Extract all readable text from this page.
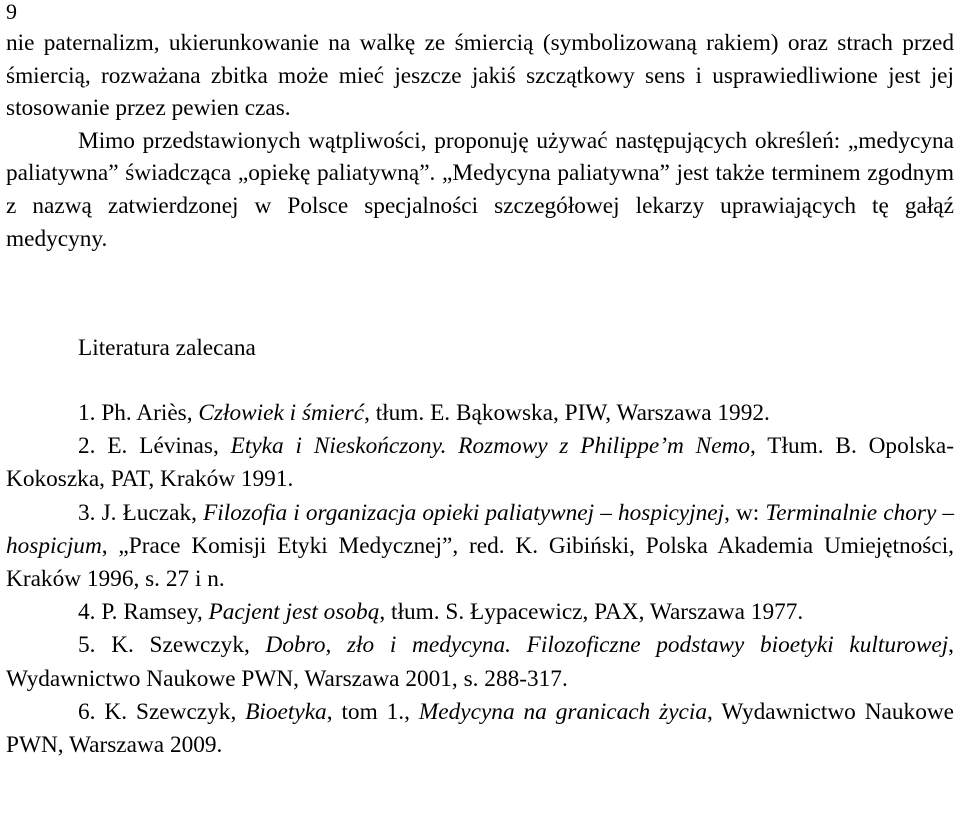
9

nie paternalizm, ukierunkowanie na walkę ze śmiercią (symbolizowaną rakiem) oraz strach przed śmiercią, rozważana zbitka może mieć jeszcze jakiś szczątkowy sens i usprawiedliwione jest jej stosowanie przez pewien czas.

Mimo przedstawionych wątpliwości, proponuję używać następujących określeń: „medycyna paliatywna” świadcząca „opiekę paliatywną”. „Medycyna paliatywna” jest także terminem zgodnym z nazwą zatwierdzonej w Polsce specjalności szczegółowej lekarzy uprawiających tę gałąź medycyny.

Literatura zalecana

1. Ph. Ariès, Człowiek i śmierć, tłum. E. Bąkowska, PIW, Warszawa 1992.

2. E. Lévinas, Etyka i Nieskończony. Rozmowy z Philippe’m Nemo, Tłum. B. Opolska-Kokoszka, PAT, Kraków 1991.

3. J. Łuczak, Filozofia i organizacja opieki paliatywnej – hospicyjnej, w: Terminalnie chory – hospicjum, „Prace Komisji Etyki Medycznej”, red. K. Gibiński, Polska Akademia Umiejętności, Kraków 1996, s. 27 i n.

4. P. Ramsey, Pacjent jest osobą, tłum. S. Łypacewicz, PAX, Warszawa 1977.

5. K. Szewczyk, Dobro, zło i medycyna. Filozoficzne podstawy bioetyki kulturowej, Wydawnictwo Naukowe PWN, Warszawa 2001, s. 288-317.

6. K. Szewczyk, Bioetyka, tom 1., Medycyna na granicach życia, Wydawnictwo Naukowe PWN, Warszawa 2009.
